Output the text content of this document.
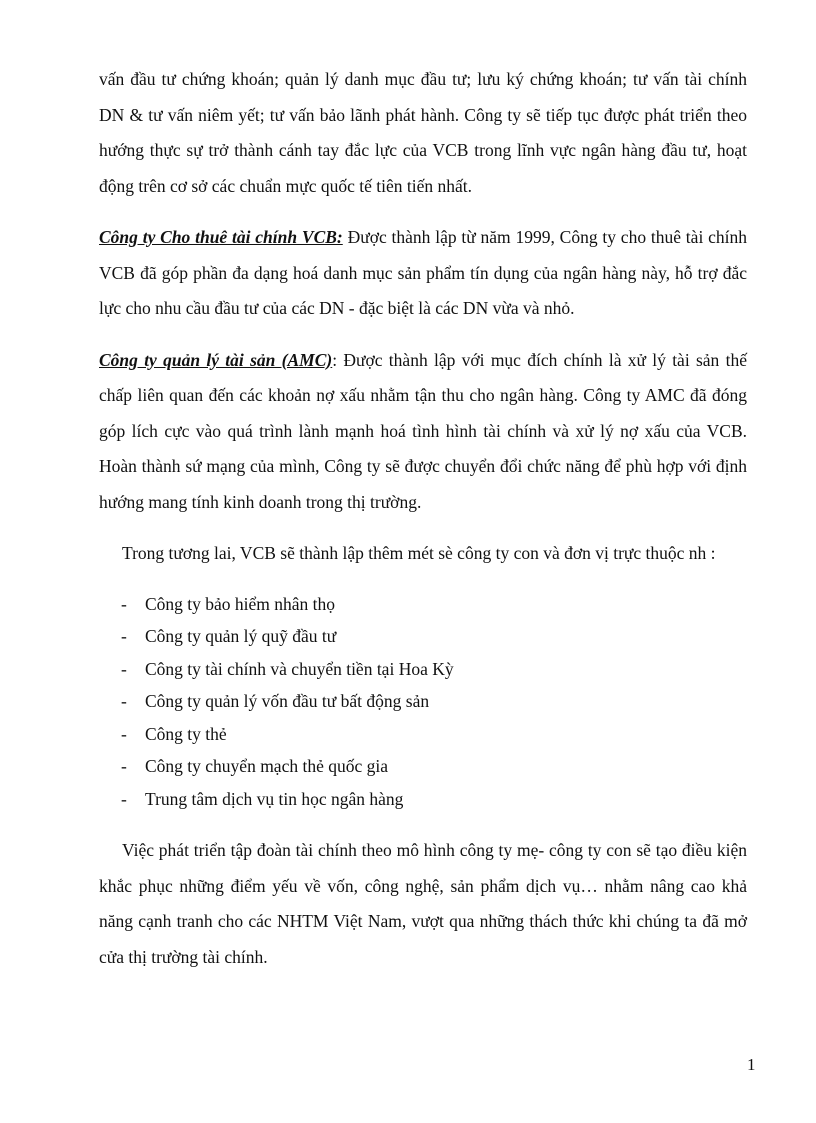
vấn đầu tư chứng khoán; quản lý danh mục đầu tư; lưu ký chứng khoán; tư vấn tài chính DN & tư vấn niêm yết; tư vấn bảo lãnh phát hành. Công ty sẽ tiếp tục được phát triển theo hướng thực sự trở thành cánh tay đắc lực của VCB trong lĩnh vực ngân hàng đầu tư, hoạt động trên cơ sở các chuẩn mực quốc tế tiên tiến nhất.

Công ty Cho thuê tài chính VCB: Được thành lập từ năm 1999, Công ty cho thuê tài chính VCB đã góp phần đa dạng hoá danh mục sản phẩm tín dụng của ngân hàng này, hỗ trợ đắc lực cho nhu cầu đầu tư của các DN - đặc biệt là các DN vừa và nhỏ.

Công ty quản lý tài sản (AMC): Được thành lập với mục đích chính là xử lý tài sản thế chấp liên quan đến các khoản nợ xấu nhằm tận thu cho ngân hàng. Công ty AMC đã đóng góp lích cực vào quá trình lành mạnh hoá tình hình tài chính và xử lý nợ xấu của VCB. Hoàn thành sứ mạng của mình, Công ty sẽ được chuyển đổi chức năng để phù hợp với định hướng mang tính kinh doanh trong thị trường.

Trong tương lai, VCB sẽ thành lập thêm mét sè công ty con và đơn vị trực thuộc nh :

-	Công ty bảo hiểm nhân thọ
-	Công ty quản lý quỹ đầu tư
-	Công ty tài chính và chuyển tiền tại Hoa Kỳ
-	Công ty quản lý vốn đầu tư bất động sản
-	Công ty thẻ
-	Công ty chuyển mạch thẻ quốc gia
-	Trung tâm dịch vụ tin học ngân hàng

Việc phát triển tập đoàn tài chính theo mô hình công ty mẹ- công ty con sẽ tạo điều kiện khắc phục những điểm yếu về vốn, công nghệ, sản phẩm dịch vụ… nhằm nâng cao khả năng cạnh tranh cho các NHTM Việt Nam, vượt qua những thách thức khi chúng ta đã mở cửa thị trường tài chính.

1
